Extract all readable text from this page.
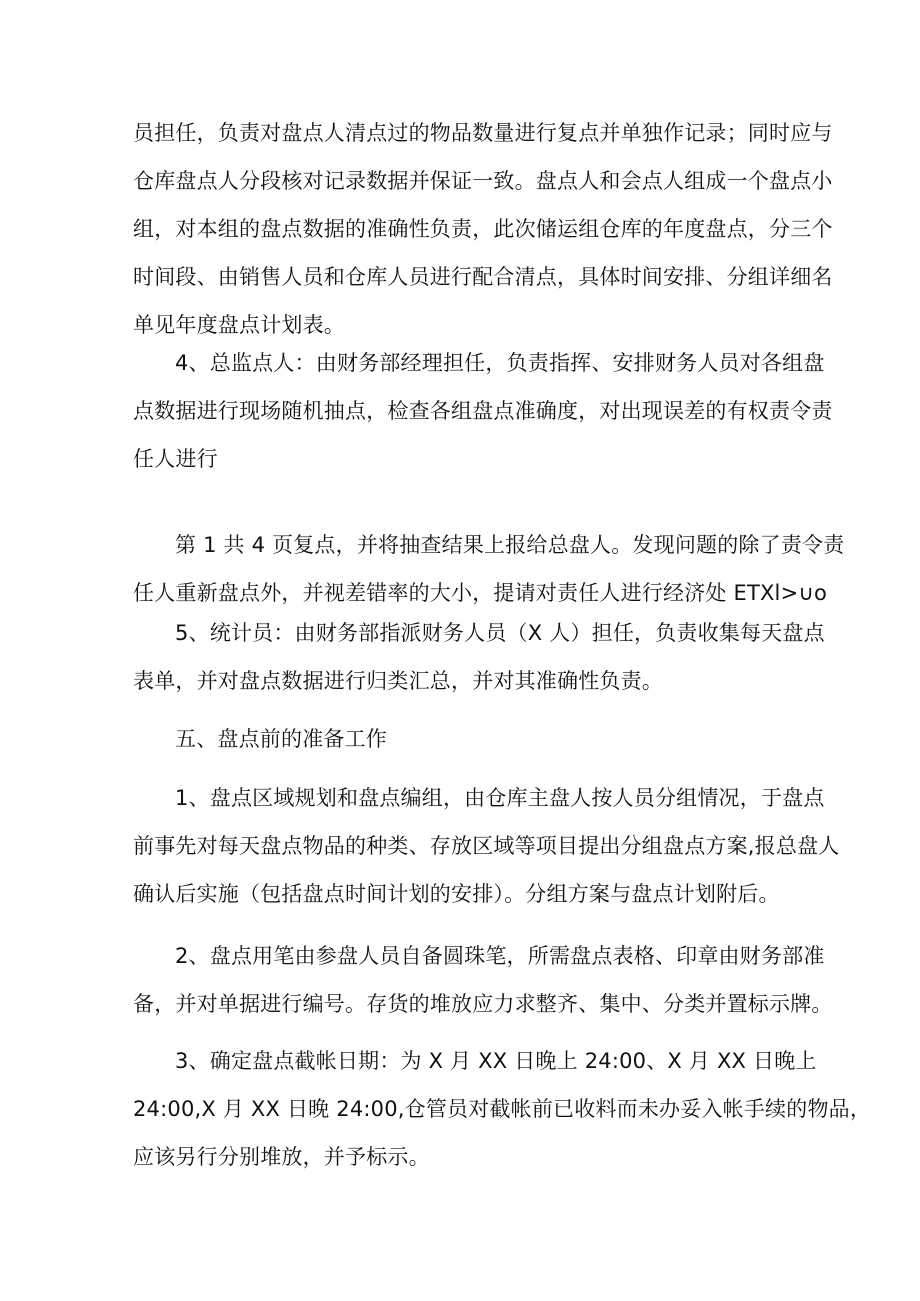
员担任，负责对盘点人清点过的物品数量进行复点并单独作记录；同时应与
仓库盘点人分段核对记录数据并保证一致。盘点人和会点人组成一个盘点小
组，对本组的盘点数据的准确性负责，此次储运组仓库的年度盘点，分三个
时间段、由销售人员和仓库人员进行配合清点，具体时间安排、分组详细名
单见年度盘点计划表。

4、总监点人：由财务部经理担任，负责指挥、安排财务人员对各组盘
点数据进行现场随机抽点，检查各组盘点准确度，对出现误差的有权责令责
任人进行

第 1 共 4 页复点，并将抽查结果上报给总盘人。发现问题的除了责令责
任人重新盘点外，并视差错率的大小，提请对责任人进行经济处 ETXl>∪o

5、统计员：由财务部指派财务人员（X 人）担任，负责收集每天盘点
表单，并对盘点数据进行归类汇总，并对其准确性负责。

五、盘点前的准备工作

1、盘点区域规划和盘点编组，由仓库主盘人按人员分组情况，于盘点
前事先对每天盘点物品的种类、存放区域等项目提出分组盘点方案,报总盘人
确认后实施（包括盘点时间计划的安排）。分组方案与盘点计划附后。

2、盘点用笔由参盘人员自备圆珠笔，所需盘点表格、印章由财务部准
备，并对单据进行编号。存货的堆放应力求整齐、集中、分类并置标示牌。

3、确定盘点截帐日期：为 X 月 XX 日晚上 24:00、X 月 XX 日晚上
24:00,X 月 XX 日晚 24:00,仓管员对截帐前已收料而未办妥入帐手续的物品，
应该另行分别堆放，并予标示。
